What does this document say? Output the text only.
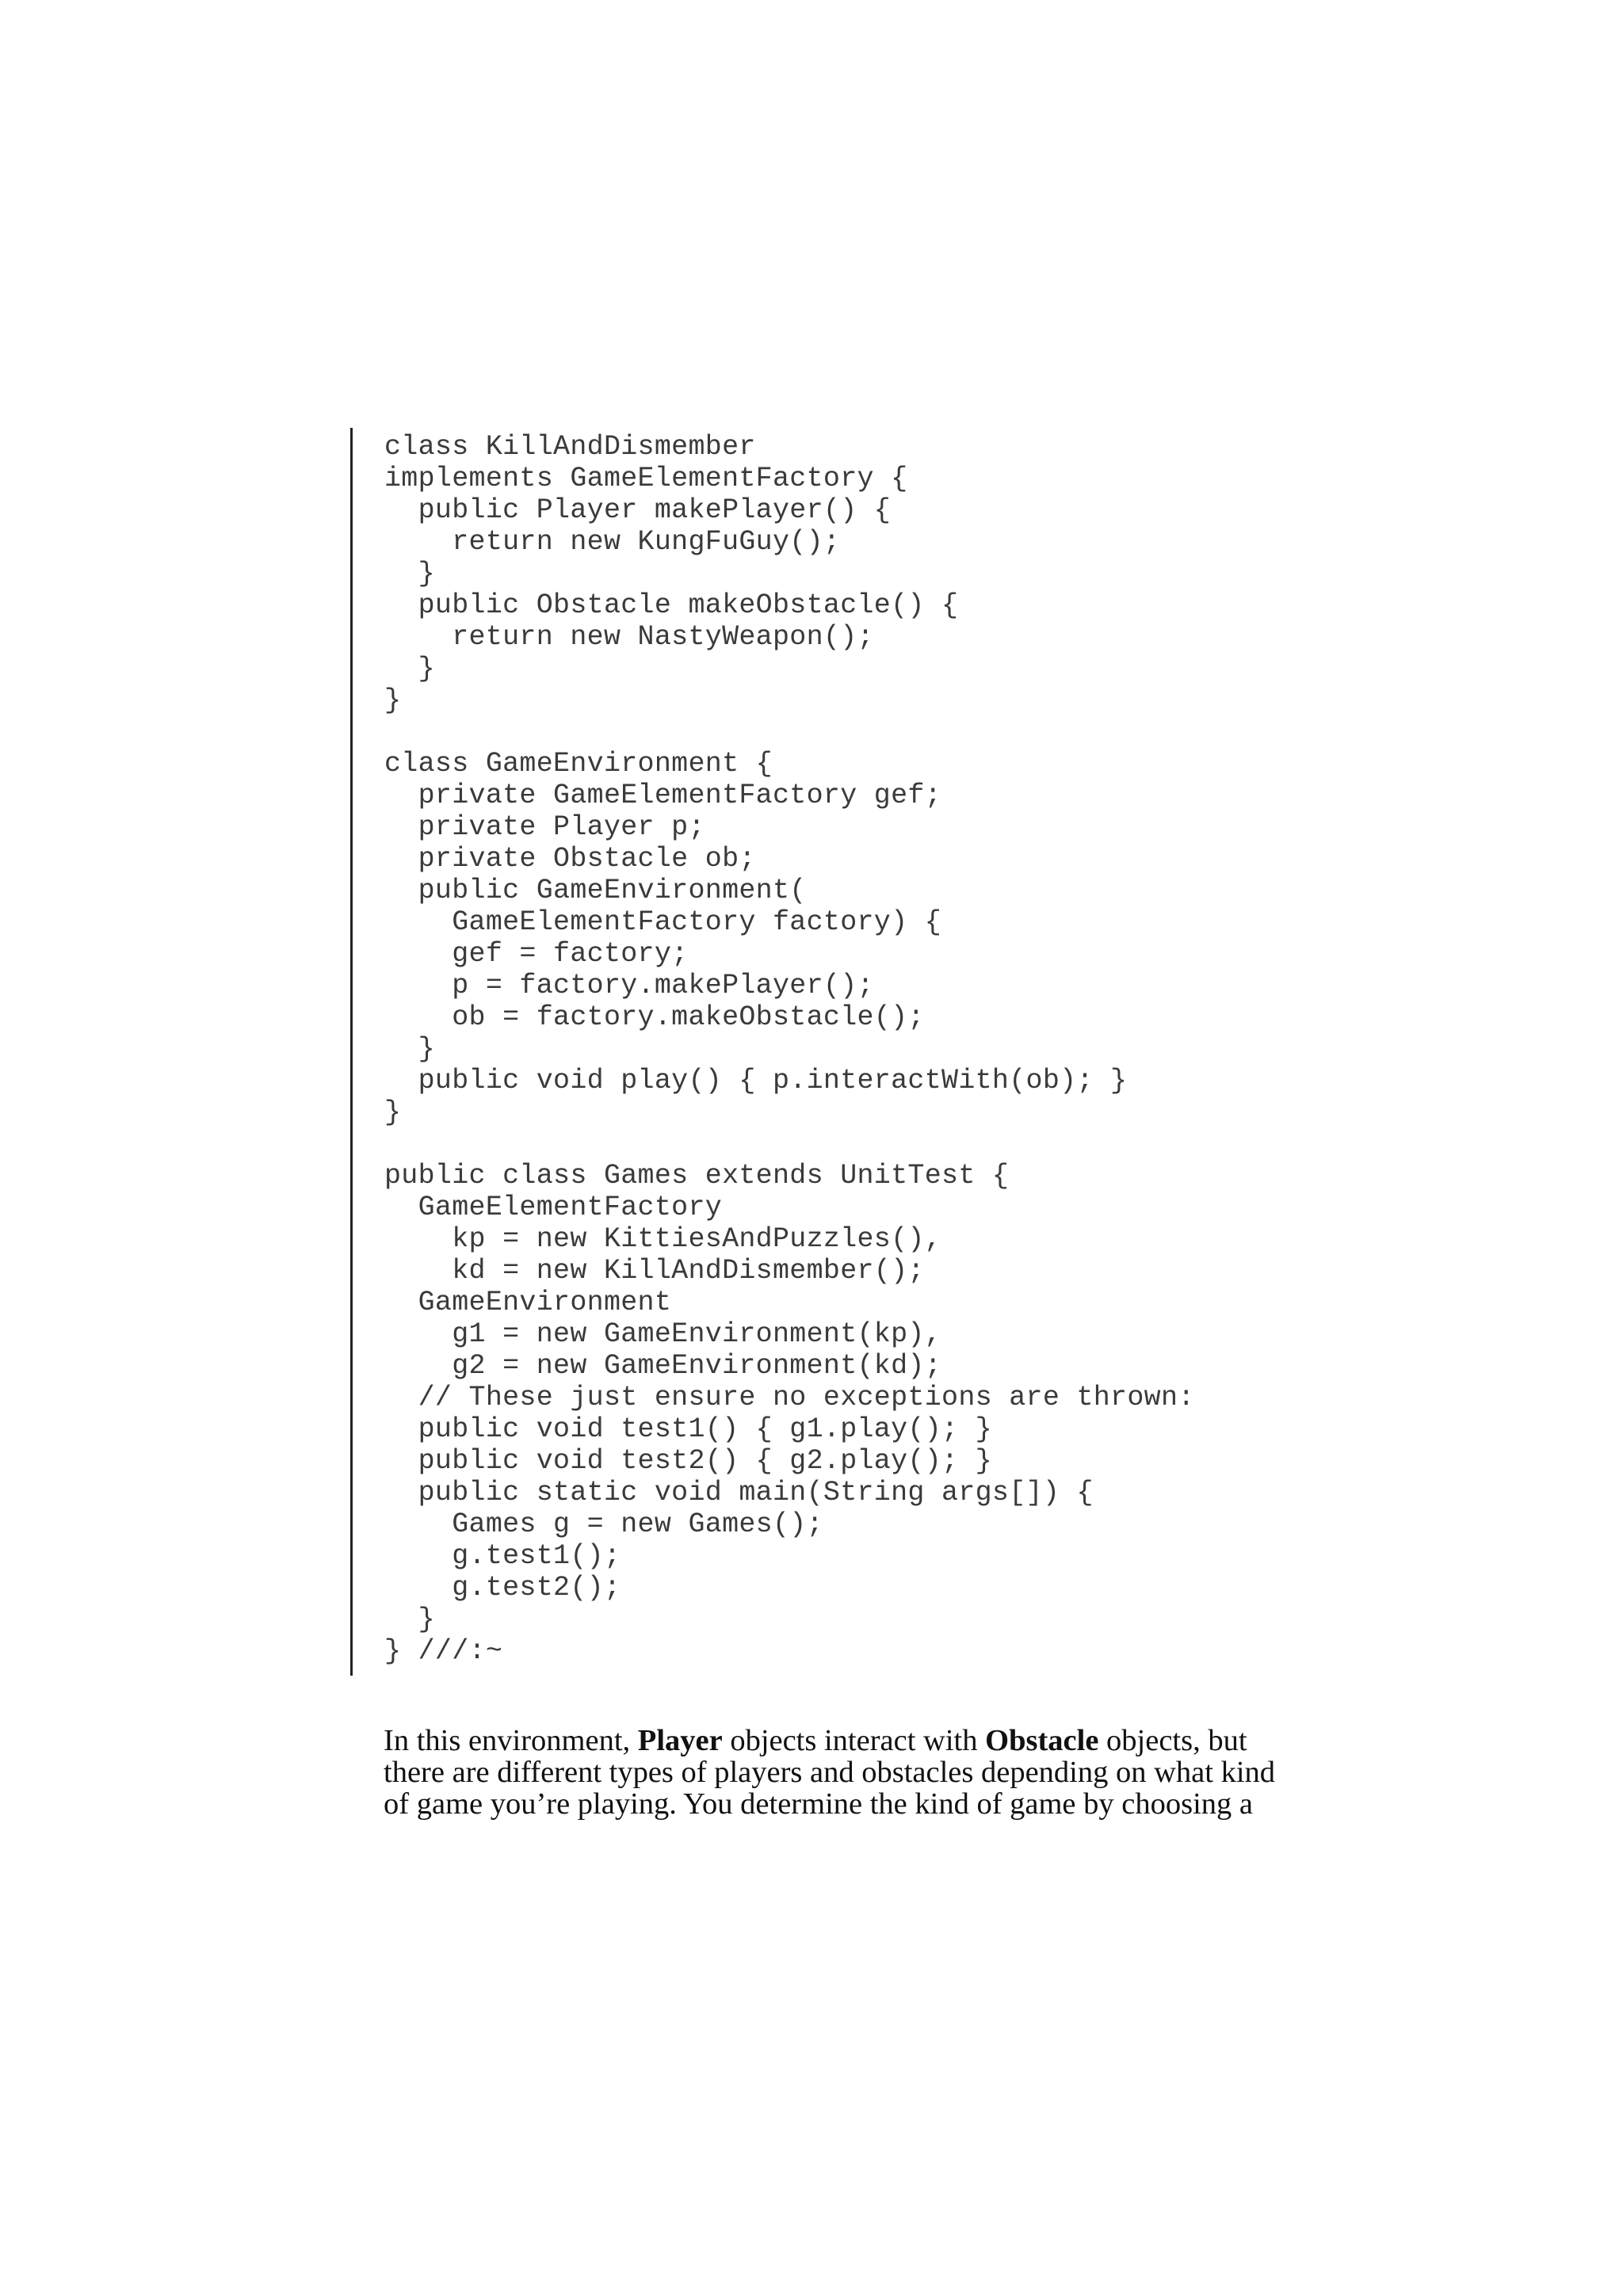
class KillAndDismember
implements GameElementFactory {
public Player makePlayer() {
return new KungFuGuy();
}
public Obstacle makeObstacle() {
return new NastyWeapon();
}
}
class GameEnvironment {
private GameElementFactory gef;
private Player p;
private Obstacle ob;
public GameEnvironment(
GameElementFactory factory) {
gef = factory;
p = factory.makePlayer();
ob = factory.makeObstacle();
}
public void play() { p.interactWith(ob); }
}
public class Games extends UnitTest {
GameElementFactory
kp = new KittiesAndPuzzles(),
kd = new KillAndDismember();
GameEnvironment
g1 = new GameEnvironment(kp),
g2 = new GameEnvironment(kd);
// These just ensure no exceptions are thrown:
public void test1() { g1.play(); }
public void test2() { g2.play(); }
public static void main(String args[]) {
Games g = new Games();
g.test1();
g.test2();
}
} ///:~
In this environment, Player objects interact with Obstacle objects, but
there are different types of players and obstacles depending on what kind
of game you’re playing. You determine the kind of game by choosing a
